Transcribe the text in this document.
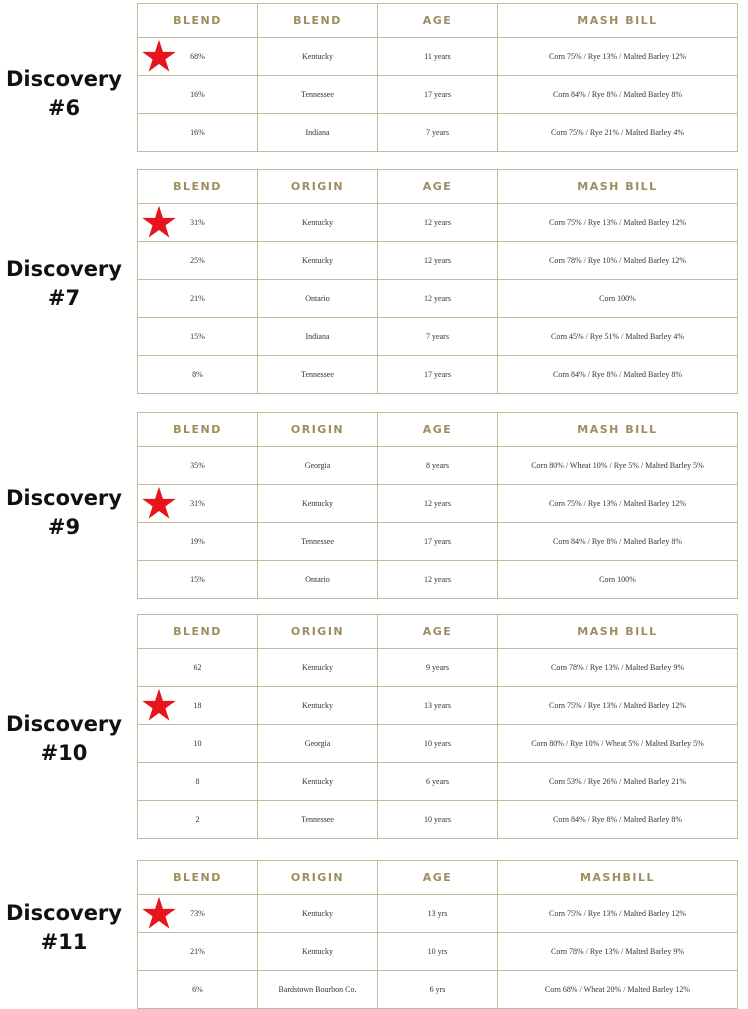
Discovery
#6
BLEND	BLEND	AGE	MASH BILL

68%	Kentucky	11 years	Corn 75% / Rye 13% / Malted Barley 12%
16%	Tennessee	17 years	Corn 84% / Rye 8% / Malted Barley 8%
16%	Indiana	7 years	Corn 75% / Rye 21% / Malted Barley 4%
Discovery
#7
BLEND	ORIGIN	AGE	MASH BILL

31%	Kentucky	12 years	Corn 75% / Rye 13% / Malted Barley 12%
25%	Kentucky	12 years	Corn 78% / Rye 10% / Malted Barley 12%
21%	Ontario	12 years	Corn 100%
15%	Indiana	7 years	Corn 45% / Rye 51% / Malted Barley 4%
8%	Tennessee	17 years	Corn 84% / Rye 8% / Malted Barley 8%
Discovery
#9
BLEND	ORIGIN	AGE	MASH BILL
35%	Georgia	8 years	Corn 80% / Wheat 10% / Rye 5% / Malted Barley 5%

31%	Kentucky	12 years	Corn 75% / Rye 13% / Malted Barley 12%
19%	Tennessee	17 years	Corn 84% / Rye 8% / Malted Barley 8%
15%	Ontario	12 years	Corn 100%
Discovery
#10
BLEND	ORIGIN	AGE	MASH BILL
62	Kentucky	9 years	Corn 78% / Rye 13% / Malted Barley 9%

18	Kentucky	13 years	Corn 75% / Rye 13% / Malted Barley 12%
10	Georgia	10 years	Corn 80% / Rye 10% / Wheat 5% / Malted Barley 5%
8	Kentucky	6 years	Corn 53% / Rye 26% / Malted Barley 21%
2	Tennessee	10 years	Corn 84% / Rye 8% / Malted Barley 8%
Discovery
#11
BLEND	ORIGIN	AGE	MASHBILL

73%	Kentucky	13 yrs	Corn 75% / Rye 13% / Malted Barley 12%
21%	Kentucky	10 yrs	Corn 78% / Rye 13% / Malted Barley 9%
6%	Bardstown Bourbon Co.	6 yrs	Corn 68% / Wheat 20% / Malted Barley 12%
